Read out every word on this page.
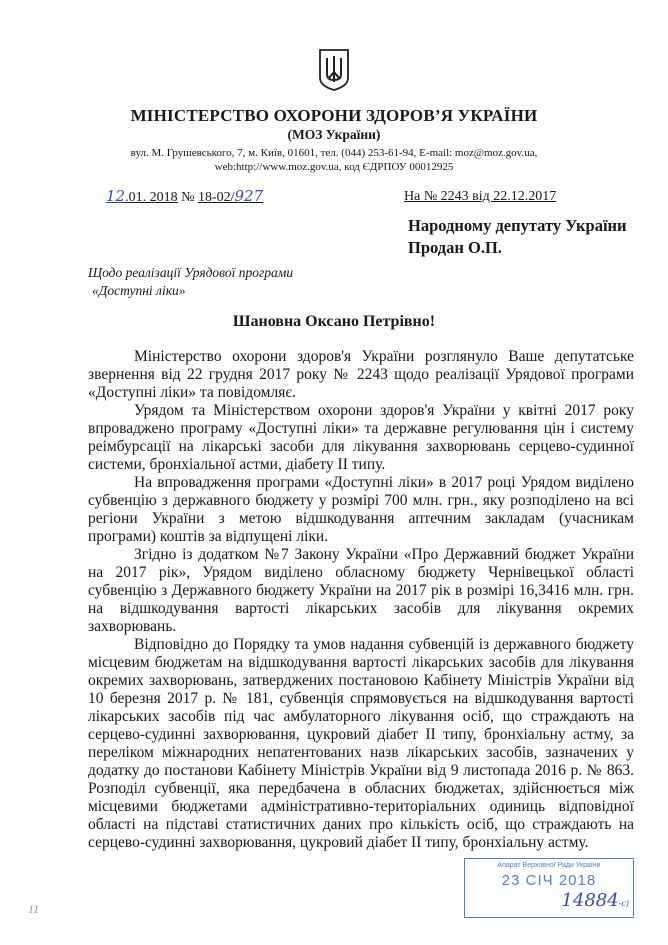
МІНІСТЕРСТВО ОХОРОНИ ЗДОРОВ’Я УКРАЇНИ
(МОЗ України)
вул. М. Грушевського, 7, м. Київ, 01601, тел. (044) 253-61-94, E-mail: moz@moz.gov.ua,
web:http://www.moz.gov.ua, код ЄДРПОУ 00012925
12.01. 2018 № 18-02/927	На № 2243 від 22.12.2017
Народному депутату України
Продан О.П.
Щодо реалізації Урядової програми
«Доступні ліки»
Шановна Оксано Петрівно!

Міністерство охорони здоров'я України розглянуло Ваше депутатське звернення від 22 грудня 2017 року № 2243 щодо реалізації Урядової програми «Доступні ліки» та повідомляє.

Урядом та Міністерством охорони здоров'я України у квітні 2017 року впроваджено програму «Доступні ліки» та державне регулювання цін і систему реімбурсації на лікарські засоби для лікування захворювань серцево-судинної системи, бронхіальної астми, діабету II типу.

На впровадження програми «Доступні ліки» в 2017 році Урядом виділено субвенцію з державного бюджету у розмірі 700 млн. грн., яку розподілено на всі регіони України з метою відшкодування аптечним закладам (учасникам програми) коштів за відпущені ліки.

Згідно із додатком №7 Закону України «Про Державний бюджет України на 2017 рік», Урядом виділено обласному бюджету Чернівецької області субвенцію з Державного бюджету України на 2017 рік в розмірі 16,3416 млн. грн. на відшкодування вартості лікарських засобів для лікування окремих захворювань.

Відповідно до Порядку та умов надання субвенцій із державного бюджету місцевим бюджетам на відшкодування вартості лікарських засобів для лікування окремих захворювань, затверджених постановою Кабінету Міністрів України від 10 березня 2017 р. № 181, субвенція спрямовується на відшкодування вартості лікарських засобів під час амбулаторного лікування осіб, що страждають на серцево-судинні захворювання, цукровий діабет II типу, бронхіальну астму, за переліком міжнародних непатентованих назв лікарських засобів, зазначених у додатку до постанови Кабінету Міністрів України від 9 листопада 2016 р. № 863. Розподіл субвенції, яка передбачена в обласних бюджетах, здійснюється між місцевими бюджетами адміністративно-територіальних одиниць відповідної області на підставі статистичних даних про кількість осіб, що страждають на серцево-судинні захворювання, цукровий діабет II типу, бронхіальну астму.

11
Апарат Верховної Ради України
23 СІЧ 2018
14884-с)
